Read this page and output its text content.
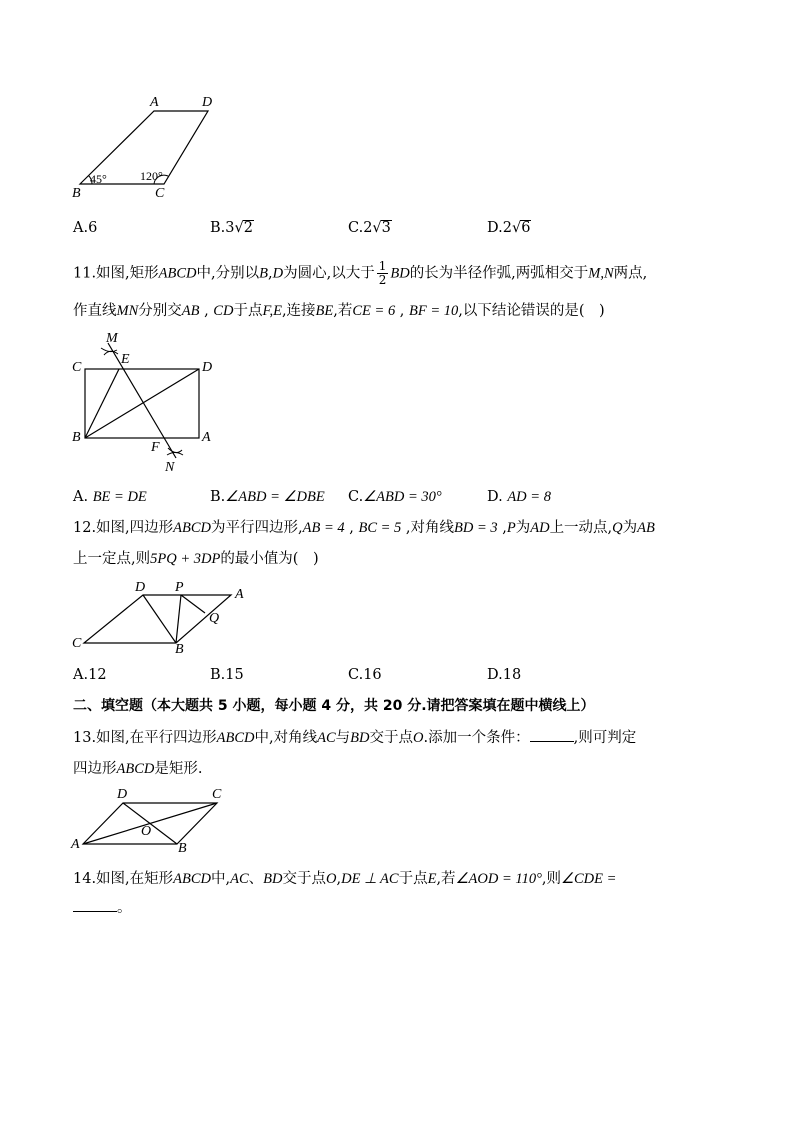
A	D
B	C
45°	120°
A.6	B.3√2	C.2√3	D.2√6
11.如图,矩形ABCD中,分别以B,D为圆心,以大于 $\frac{1}{2}$ BD的长为半径作弧,两弧相交于M,N两点,
作直线MN分别交AB , CD于点F,E,连接BE,若CE = 6 , BF = 10,以下结论错误的是(　)
M
E
C	D
B	A
F
N
A. BE = DE	B.∠ABD = ∠DBE C.∠ABD = 30°	D. AD = 8
12.如图,四边形ABCD为平行四边形,AB = 4 , BC = 5 ,对角线BD = 3 ,P为AD上一动点,Q为AB
上一定点,则5PQ + 3DP的最小值为(　)
D P	A
Q
C	B
A.12	B.15	C.16	D.18
二、填空题（本大题共 5 小题，每小题 4 分，共 20 分.请把答案填在题中横线上）
13.如图,在平行四边形ABCD中,对角线AC与BD交于点O.添加一个条件：	,则可判定
四边形ABCD是矩形.
D	C
O
A	B
14.如图,在矩形ABCD中,AC、BD交于点O,DE ⊥ AC于点E,若∠AOD = 110°,则∠CDE =
。
